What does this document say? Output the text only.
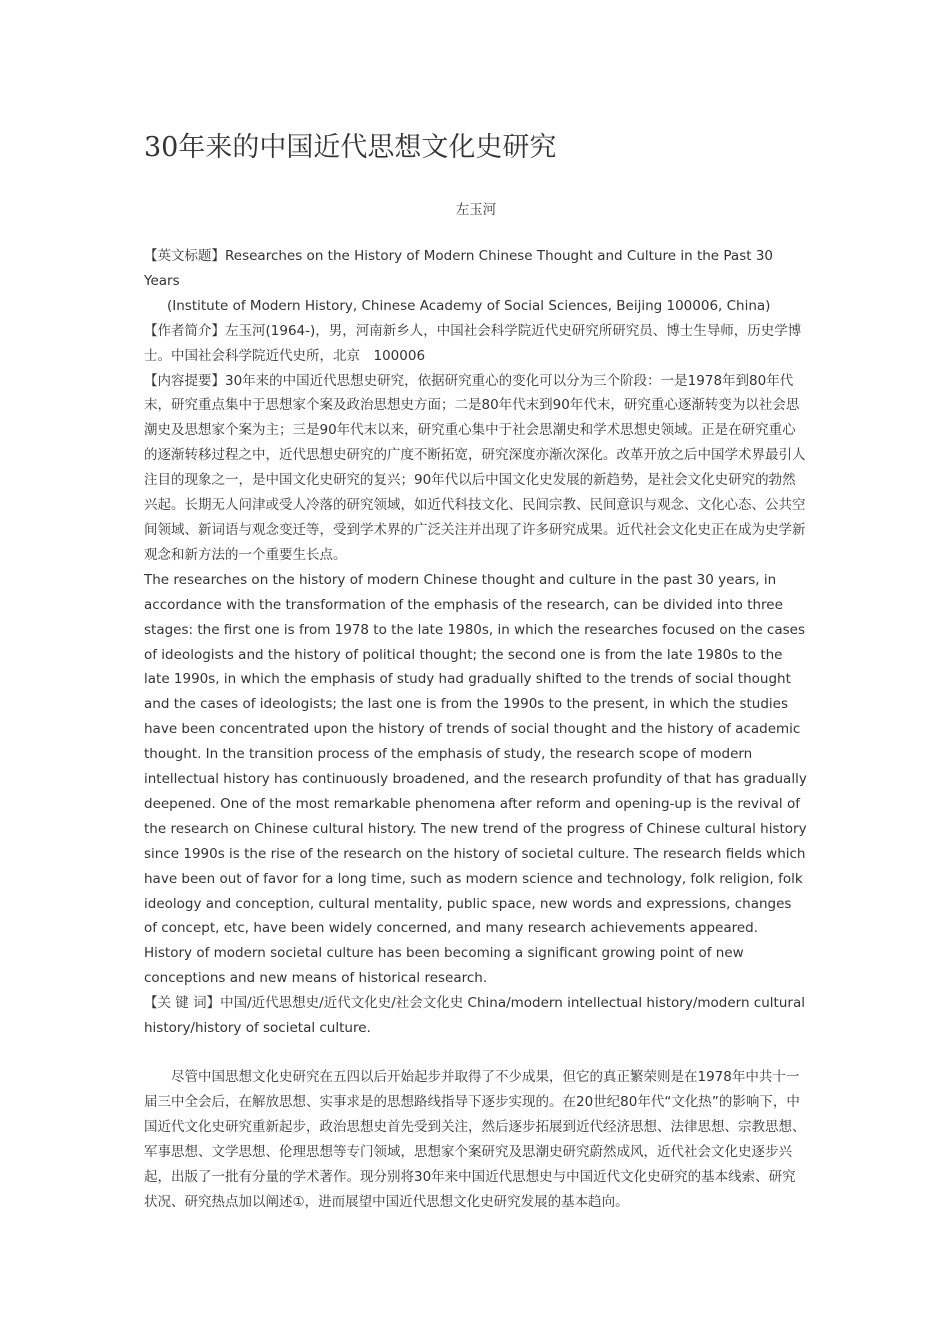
30年来的中国近代思想文化史研究
左玉河

【英文标题】Researches on the History of Modern Chinese Thought and Culture in the Past 30 Years

(Institute of Modern History, Chinese Academy of Social Sciences, Beijing 100006, China)

【作者简介】左玉河(1964-)，男，河南新乡人，中国社会科学院近代史研究所研究员、博士生导师，历史学博士。中国社会科学院近代史所，北京　100006

【内容提要】30年来的中国近代思想史研究，依据研究重心的变化可以分为三个阶段：一是1978年到80年代末，研究重点集中于思想家个案及政治思想史方面；二是80年代末到90年代末，研究重心逐渐转变为以社会思潮史及思想家个案为主；三是90年代末以来，研究重心集中于社会思潮史和学术思想史领域。正是在研究重心的逐渐转移过程之中，近代思想史研究的广度不断拓宽，研究深度亦渐次深化。改革开放之后中国学术界最引人注目的现象之一，是中国文化史研究的复兴；90年代以后中国文化史发展的新趋势，是社会文化史研究的勃然兴起。长期无人问津或受人冷落的研究领域，如近代科技文化、民间宗教、民间意识与观念、文化心态、公共空间领域、新词语与观念变迁等，受到学术界的广泛关注并出现了许多研究成果。近代社会文化史正在成为史学新观念和新方法的一个重要生长点。

The researches on the history of modern Chinese thought and culture in the past 30 years, in accordance with the transformation of the emphasis of the research, can be divided into three stages: the first one is from 1978 to the late 1980s, in which the researches focused on the cases of ideologists and the history of political thought; the second one is from the late 1980s to the late 1990s, in which the emphasis of study had gradually shifted to the trends of social thought and the cases of ideologists; the last one is from the 1990s to the present, in which the studies have been concentrated upon the history of trends of social thought and the history of academic thought. In the transition process of the emphasis of study, the research scope of modern intellectual history has continuously broadened, and the research profundity of that has gradually deepened. One of the most remarkable phenomena after reform and opening-up is the revival of the research on Chinese cultural history. The new trend of the progress of Chinese cultural history since 1990s is the rise of the research on the history of societal culture. The research fields which have been out of favor for a long time, such as modern science and technology, folk religion, folk ideology and conception, cultural mentality, public space, new words and expressions, changes of concept, etc, have been widely concerned, and many research achievements appeared. History of modern societal culture has been becoming a significant growing point of new conceptions and new means of historical research.

【关 键 词】中国/近代思想史/近代文化史/社会文化史 China/modern intellectual history/modern cultural history/history of societal culture.

尽管中国思想文化史研究在五四以后开始起步并取得了不少成果，但它的真正繁荣则是在1978年中共十一届三中全会后，在解放思想、实事求是的思想路线指导下逐步实现的。在20世纪80年代“文化热”的影响下，中国近代文化史研究重新起步，政治思想史首先受到关注，然后逐步拓展到近代经济思想、法律思想、宗教思想、军事思想、文学思想、伦理思想等专门领域，思想家个案研究及思潮史研究蔚然成风，近代社会文化史逐步兴起，出版了一批有分量的学术著作。现分别将30年来中国近代思想史与中国近代文化史研究的基本线索、研究状况、研究热点加以阐述①，进而展望中国近代思想文化史研究发展的基本趋向。
